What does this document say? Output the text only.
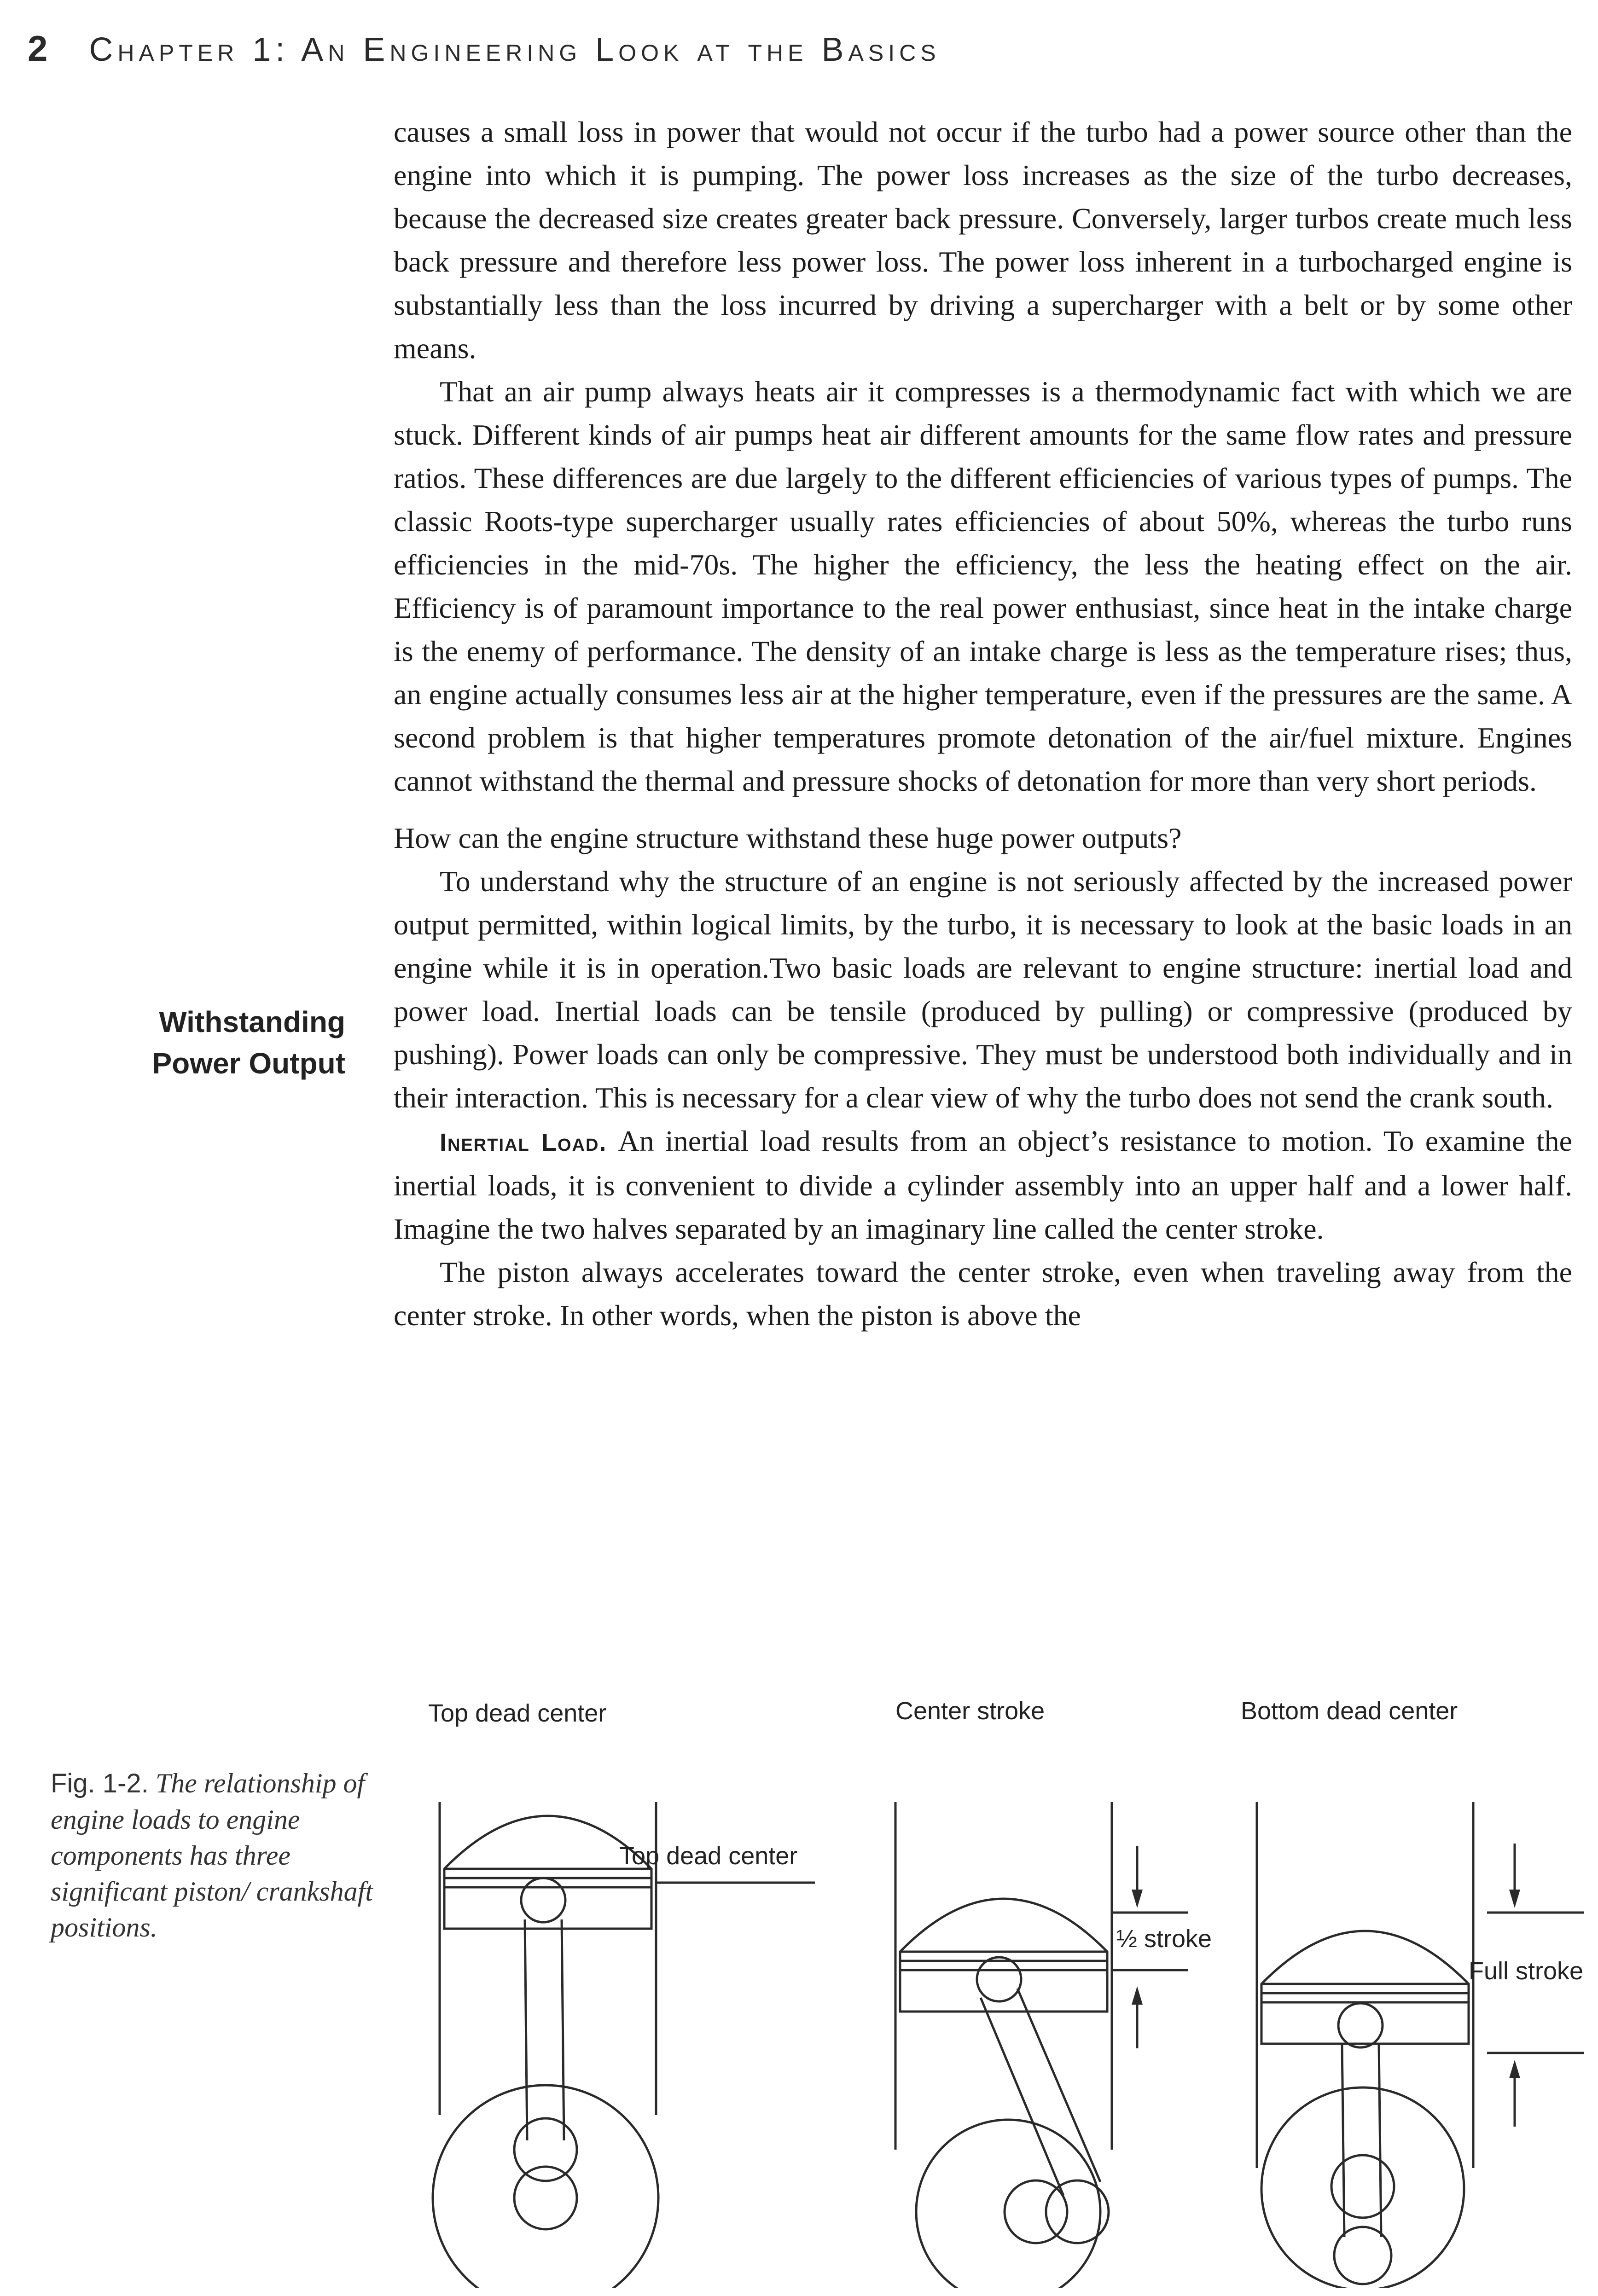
2 Chapter 1: An Engineering Look at the Basics
Withstanding
Power Output

causes a small loss in power that would not occur if the turbo had a power source other than the engine into which it is pumping. The power loss increases as the size of the turbo decreases, because the decreased size creates greater back pressure. Conversely, larger turbos create much less back pressure and therefore less power loss. The power loss inherent in a turbocharged engine is substantially less than the loss incurred by driving a supercharger with a belt or by some other means.

That an air pump always heats air it compresses is a thermodynamic fact with which we are stuck. Different kinds of air pumps heat air different amounts for the same flow rates and pressure ratios. These differences are due largely to the different efficiencies of various types of pumps. The classic Roots-type supercharger usually rates efficiencies of about 50%, whereas the turbo runs efficiencies in the mid-70s. The higher the efficiency, the less the heating effect on the air. Efficiency is of paramount importance to the real power enthusiast, since heat in the intake charge is the enemy of performance. The density of an intake charge is less as the temperature rises; thus, an engine actually consumes less air at the higher temperature, even if the pressures are the same. A second problem is that higher temperatures promote detonation of the air/fuel mixture. Engines cannot withstand the thermal and pressure shocks of detonation for more than very short periods.

How can the engine structure withstand these huge power outputs?

To understand why the structure of an engine is not seriously affected by the increased power output permitted, within logical limits, by the turbo, it is necessary to look at the basic loads in an engine while it is in operation.Two basic loads are relevant to engine structure: inertial load and power load. Inertial loads can be tensile (produced by pulling) or compressive (produced by pushing). Power loads can only be compressive. They must be understood both individually and in their interaction. This is necessary for a clear view of why the turbo does not send the crank south.

Inertial Load. An inertial load results from an object’s resistance to motion. To examine the inertial loads, it is convenient to divide a cylinder assembly into an upper half and a lower half. Imagine the two halves separated by an imaginary line called the center stroke.

The piston always accelerates toward the center stroke, even when traveling away from the center stroke. In other words, when the piston is above the

Fig. 1-2. The relationship of engine loads to engine components has three significant piston/ crankshaft positions.
Top dead center
Top dead center
Center stroke
½ stroke
Bottom dead center
Full stroke
